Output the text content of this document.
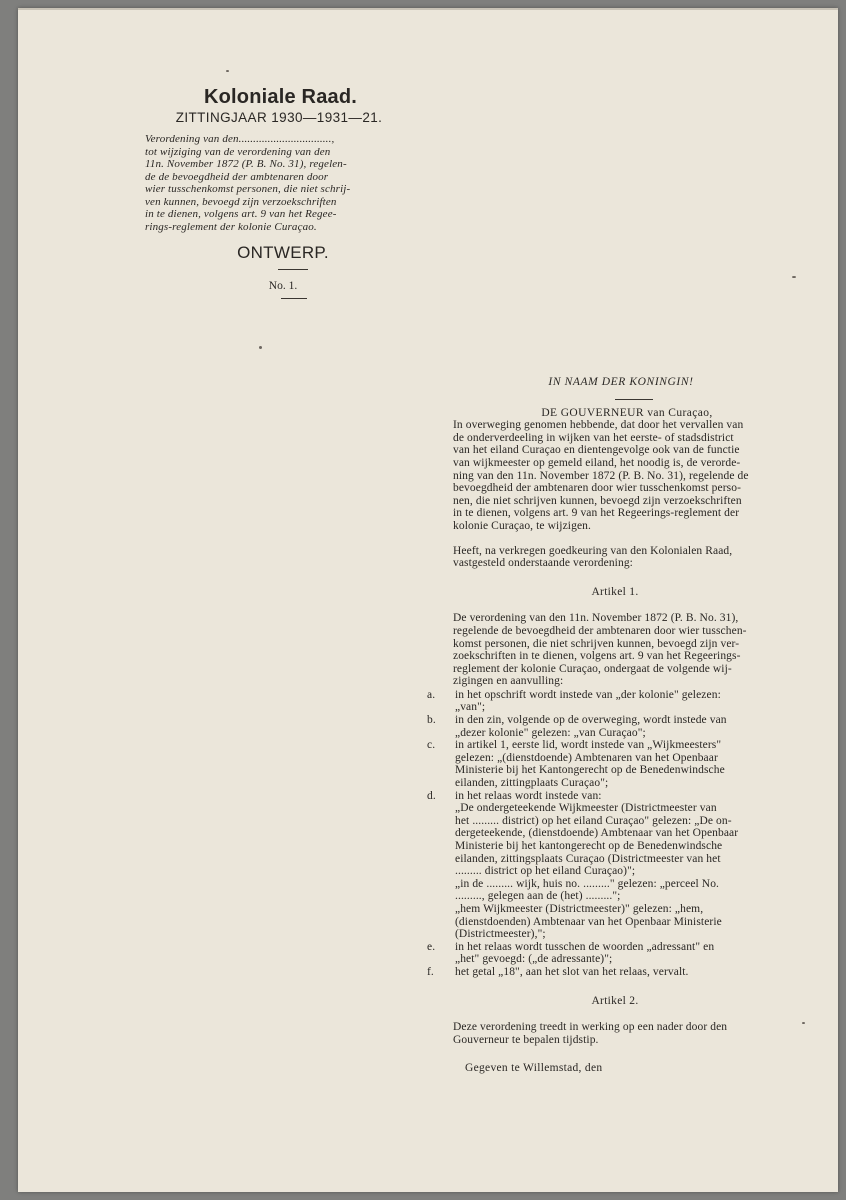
Koloniale Raad.
ZITTINGJAAR 1930—1931—21.
Verordening van den................................,
tot wijziging van de verordening van den
11n. November 1872 (P. B. No. 31), regelen-
de de bevoegdheid der ambtenaren door
wier tusschenkomst personen, die niet schrij-
ven kunnen, bevoegd zijn verzoekschriften
in te dienen, volgens art. 9 van het Regee-
rings-reglement der kolonie Curaçao.
ONTWERP.
No. 1.
IN NAAM DER KONINGIN!
DE GOUVERNEUR van Curaçao,
In overweging genomen hebbende, dat door het vervallen van
de onderverdeeling in wijken van het eerste- of stadsdistrict
van het eiland Curaçao en dientengevolge ook van de functie
van wijkmeester op gemeld eiland, het noodig is, de verorde-
ning van den 11n. November 1872 (P. B. No. 31), regelende de
bevoegdheid der ambtenaren door wier tusschenkomst perso-
nen, die niet schrijven kunnen, bevoegd zijn verzoekschriften
in te dienen, volgens art. 9 van het Regeerings-reglement der
kolonie Curaçao, te wijzigen.
Heeft, na verkregen goedkeuring van den Kolonialen Raad,
vastgesteld onderstaande verordening:
Artikel 1.
De verordening van den 11n. November 1872 (P. B. No. 31),
regelende de bevoegdheid der ambtenaren door wier tusschen-
komst personen, die niet schrijven kunnen, bevoegd zijn ver-
zoekschriften in te dienen, volgens art. 9 van het Regeerings-
reglement der kolonie Curaçao, ondergaat de volgende wij-
zigingen en aanvulling:
a.	in het opschrift wordt instede van „der kolonie" gelezen:
„van";
b.	in den zin, volgende op de overweging, wordt instede van
„dezer kolonie" gelezen: „van Curaçao";
c.	in artikel 1, eerste lid, wordt instede van „Wijkmeesters"
gelezen: „(dienstdoende) Ambtenaren van het Openbaar
Ministerie bij het Kantongerecht op de Benedenwindsche
eilanden, zittingplaats Curaçao";
d.	in het relaas wordt instede van:
„De ondergeteekende Wijkmeester (Districtmeester van
het ......... district) op het eiland Curaçao" gelezen: „De on-
dergeteekende, (dienstdoende) Ambtenaar van het Openbaar
Ministerie bij het kantongerecht op de Benedenwindsche
eilanden, zittingsplaats Curaçao (Districtmeester van het
......... district op het eiland Curaçao)";
„in de ......... wijk, huis no. ........." gelezen: „perceel No.
........., gelegen aan de (het) .........";
„hem Wijkmeester (Districtmeester)" gelezen: „hem,
(dienstdoenden) Ambtenaar van het Openbaar Ministerie
(Districtmeester),";
e.	in het relaas wordt tusschen de woorden „adressant" en
„het" gevoegd: („de adressante)";
f.	het getal „18", aan het slot van het relaas, vervalt.
Artikel 2.
Deze verordening treedt in werking op een nader door den
Gouverneur te bepalen tijdstip.
Gegeven te Willemstad, den
